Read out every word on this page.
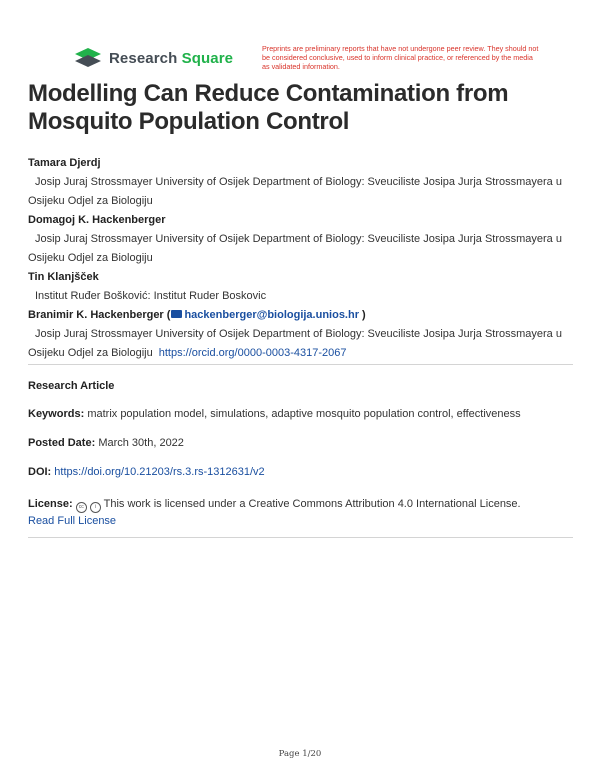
Research Square
Preprints are preliminary reports that have not undergone peer review. They should not be considered conclusive, used to inform clinical practice, or referenced by the media as validated information.
Modelling Can Reduce Contamination from Mosquito Population Control
Tamara Djerdj
Josip Juraj Strossmayer University of Osijek Department of Biology: Sveuciliste Josipa Jurja Strossmayera u Osijeku Odjel za Biologiju
Domagoj K. Hackenberger
Josip Juraj Strossmayer University of Osijek Department of Biology: Sveuciliste Josipa Jurja Strossmayera u Osijeku Odjel za Biologiju
Tin Klanjšček
Institut Ruđer Bošković: Institut Ruder Boskovic
Branimir K. Hackenberger ( hackenberger@biologija.unios.hr )
Josip Juraj Strossmayer University of Osijek Department of Biology: Sveuciliste Josipa Jurja Strossmayera u Osijeku Odjel za Biologiju https://orcid.org/0000-0003-4317-2067
Research Article
Keywords: matrix population model, simulations, adaptive mosquito population control, effectiveness
Posted Date: March 30th, 2022
DOI: https://doi.org/10.21203/rs.3.rs-1312631/v2
License: cc i This work is licensed under a Creative Commons Attribution 4.0 International License.
Read Full License
Page 1/20
